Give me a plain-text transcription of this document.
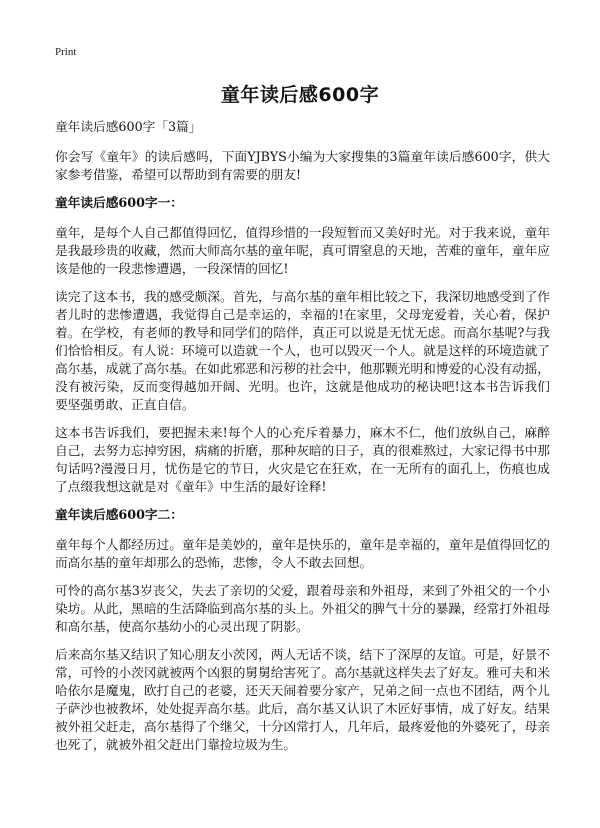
Print
童年读后感600字

童年读后感600字「3篇」

你会写《童年》的读后感吗，下面YJBYS小编为大家搜集的3篇童年读后感600字，供大家参考借鉴，希望可以帮助到有需要的朋友!

童年读后感600字一：

童年，是每个人自己都值得回忆，值得珍惜的一段短暂而又美好时光。对于我来说，童年是我最珍贵的收藏，然而大师高尔基的童年呢，真可谓窒息的天地，苦难的童年，童年应该是他的一段悲惨遭遇，一段深情的回忆!

读完了这本书，我的感受颇深。首先，与高尔基的童年相比较之下，我深切地感受到了作者儿时的悲惨遭遇，我觉得自己是幸运的，幸福的!在家里，父母宠爱着，关心着，保护着。在学校，有老师的教导和同学们的陪伴，真正可以说是无忧无虑。而高尔基呢?与我们恰恰相反。有人说：环境可以造就一个人，也可以毁灭一个人。就是这样的环境造就了高尔基，成就了高尔基。在如此邪恶和污秽的社会中，他那颗光明和博爱的心没有动摇，没有被污染，反而变得越加开阔、光明。也许，这就是他成功的秘诀吧!这本书告诉我们要坚强勇敢、正直自信。

这本书告诉我们，要把握未来!每个人的心充斥着暴力，麻木不仁，他们放纵自己，麻醉自己，去努力忘掉穷困，病痛的折磨，那种灰暗的日子，真的很难熬过，大家记得书中那句话吗?漫漫日月，忧伤是它的节日，火灾是它在狂欢，在一无所有的面孔上，伤痕也成了点缀我想这就是对《童年》中生活的最好诠释!

童年读后感600字二：

童年每个人都经历过。童年是美妙的，童年是快乐的，童年是幸福的，童年是值得回忆的而高尔基的童年却那么的恐怖，悲惨，令人不敢去回想。

可怜的高尔基3岁丧父，失去了亲切的父爱，跟着母亲和外祖母，来到了外祖父的一个小染坊。从此，黑暗的生活降临到高尔基的头上。外祖父的脾气十分的暴躁，经常打外祖母和高尔基，使高尔基幼小的心灵出现了阴影。

后来高尔基又结识了知心朋友小茨冈，两人无话不谈，结下了深厚的友谊。可是，好景不常，可怜的小茨冈就被两个凶狠的舅舅给害死了。高尔基就这样失去了好友。雅可夫和米哈依尔是魔鬼，欧打自己的老婆，还天天闹着要分家产，兄弟之间一点也不团结，两个儿子萨沙也被教坏，处处捉弄高尔基。此后，高尔基又认识了木匠好事情，成了好友。结果被外祖父赶走，高尔基得了个继父，十分凶常打人，几年后，最疼爱他的外婆死了，母亲也死了，就被外祖父赶出门靠捡垃圾为生。
